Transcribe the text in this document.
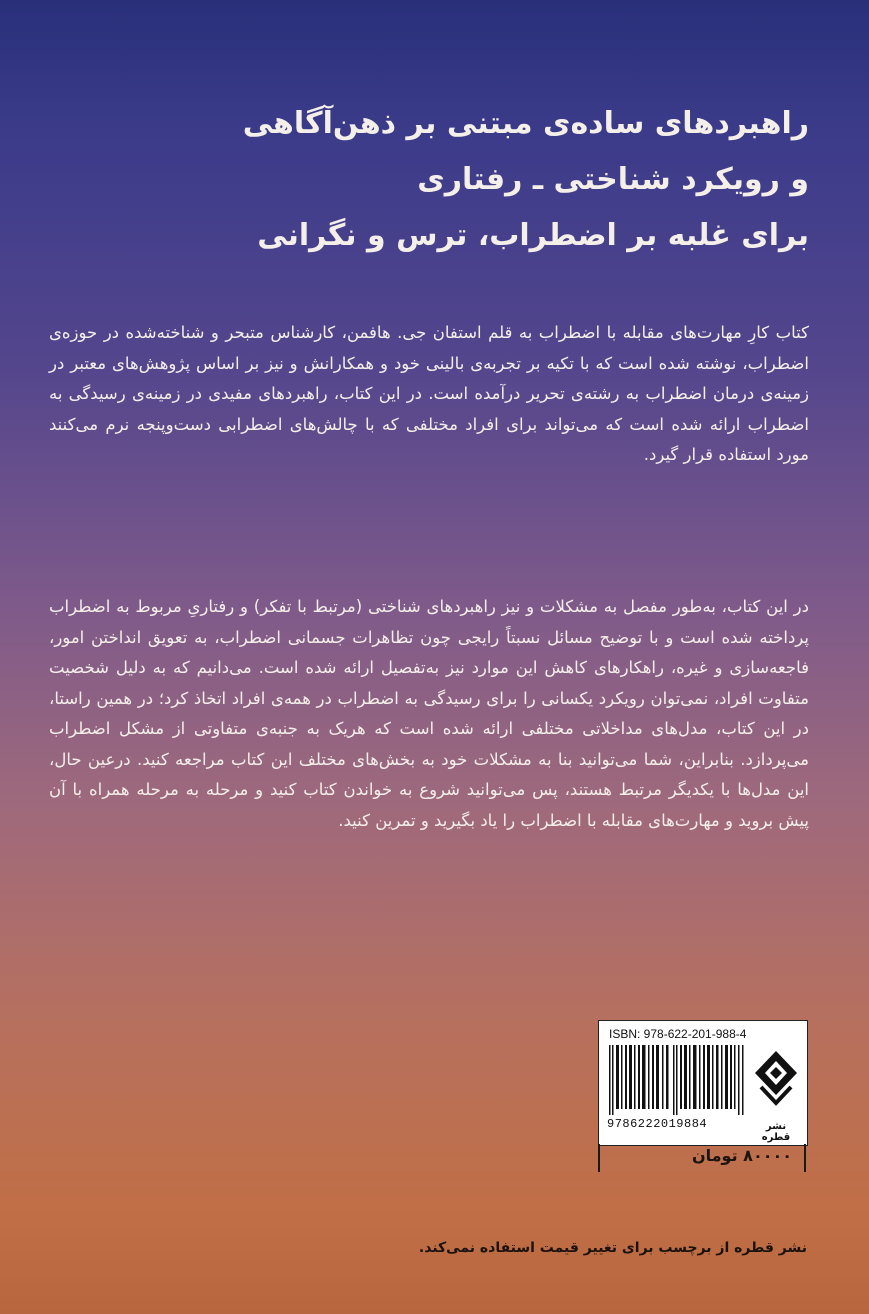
راهبردهای ساده‌ی مبتنی بر ذهن‌آگاهی
و رویکرد شناختی ـ رفتاری
برای غلبه بر اضطراب، ترس و نگرانی

کتاب کارِ مهارت‌های مقابله با اضطراب به قلم استفان جی. هافمن، کارشناس متبحر و شناخته‌شده در حوزه‌ی اضطراب، نوشته شده است که با تکیه بر تجربه‌ی بالینی خود و همکارانش و نیز بر اساس پژوهش‌های معتبر در زمینه‌ی درمان اضطراب به رشته‌ی تحریر درآمده است. در این کتاب، راهبردهای مفیدی در زمینه‌ی رسیدگی به اضطراب ارائه شده است که می‌تواند برای افراد مختلفی که با چالش‌های اضطرابی دست‌وپنجه نرم می‌کنند مورد استفاده قرار گیرد.

در این کتاب، به‌طور مفصل به مشکلات و نیز راهبردهای شناختی (مرتبط با تفکر) و رفتاریِ مربوط به اضطراب پرداخته شده است و با توضیح مسائل نسبتاً رایجی چون تظاهرات جسمانی اضطراب، به تعویق انداختن امور، فاجعه‌سازی و غیره، راهکارهای کاهش این موارد نیز به‌تفصیل ارائه شده است. می‌دانیم که به دلیل شخصیت متفاوت افراد، نمی‌توان رویکرد یکسانی را برای رسیدگی به اضطراب در همه‌ی افراد اتخاذ کرد؛ در همین راستا، در این کتاب، مدل‌های مداخلاتی مختلفی ارائه شده است که هریک به جنبه‌ی متفاوتی از مشکل اضطراب می‌پردازد. بنابراین، شما می‌توانید بنا به مشکلات خود به بخش‌های مختلف این کتاب مراجعه کنید. درعین حال، این مدل‌ها با یکدیگر مرتبط هستند، پس می‌توانید شروع به خواندن کتاب کنید و مرحله به مرحله همراه با آن پیش بروید و مهارت‌های مقابله با اضطراب را یاد بگیرید و تمرین کنید.

ISBN: 978-622-201-988-4
9786222019884	نشر قطره
۸۰۰۰۰ تومان
نشر قطره از برچسب برای تغییر قیمت استفاده نمی‌کند.
